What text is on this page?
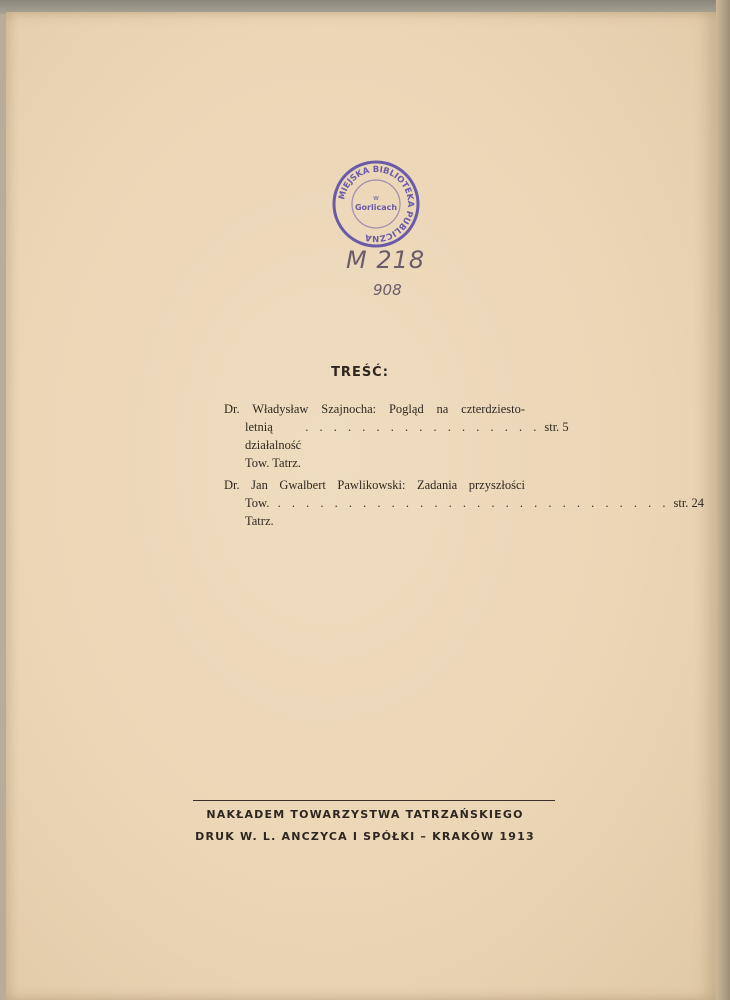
MIEJSKA BIBLIOTEKA PUBLICZNA
w
Gorlicach
M 218
908
TREŚĆ:
Dr. Władysław Szajnocha: Pogląd na czterdziesto-
letnią działalność Tow. Tatrz.
. . . . . . . . . . . . . . . . . str. 5
Dr. Jan Gwalbert Pawlikowski: Zadania przyszłości
Tow. Tatrz.
. . . . . . . . . . . . . . . . . . . . . . . . . . . . str. 24
NAKŁADEM TOWARZYSTWA TATRZAŃSKIEGO
DRUK W. L. ANCZYCA I SPÓŁKI – KRAKÓW 1913
